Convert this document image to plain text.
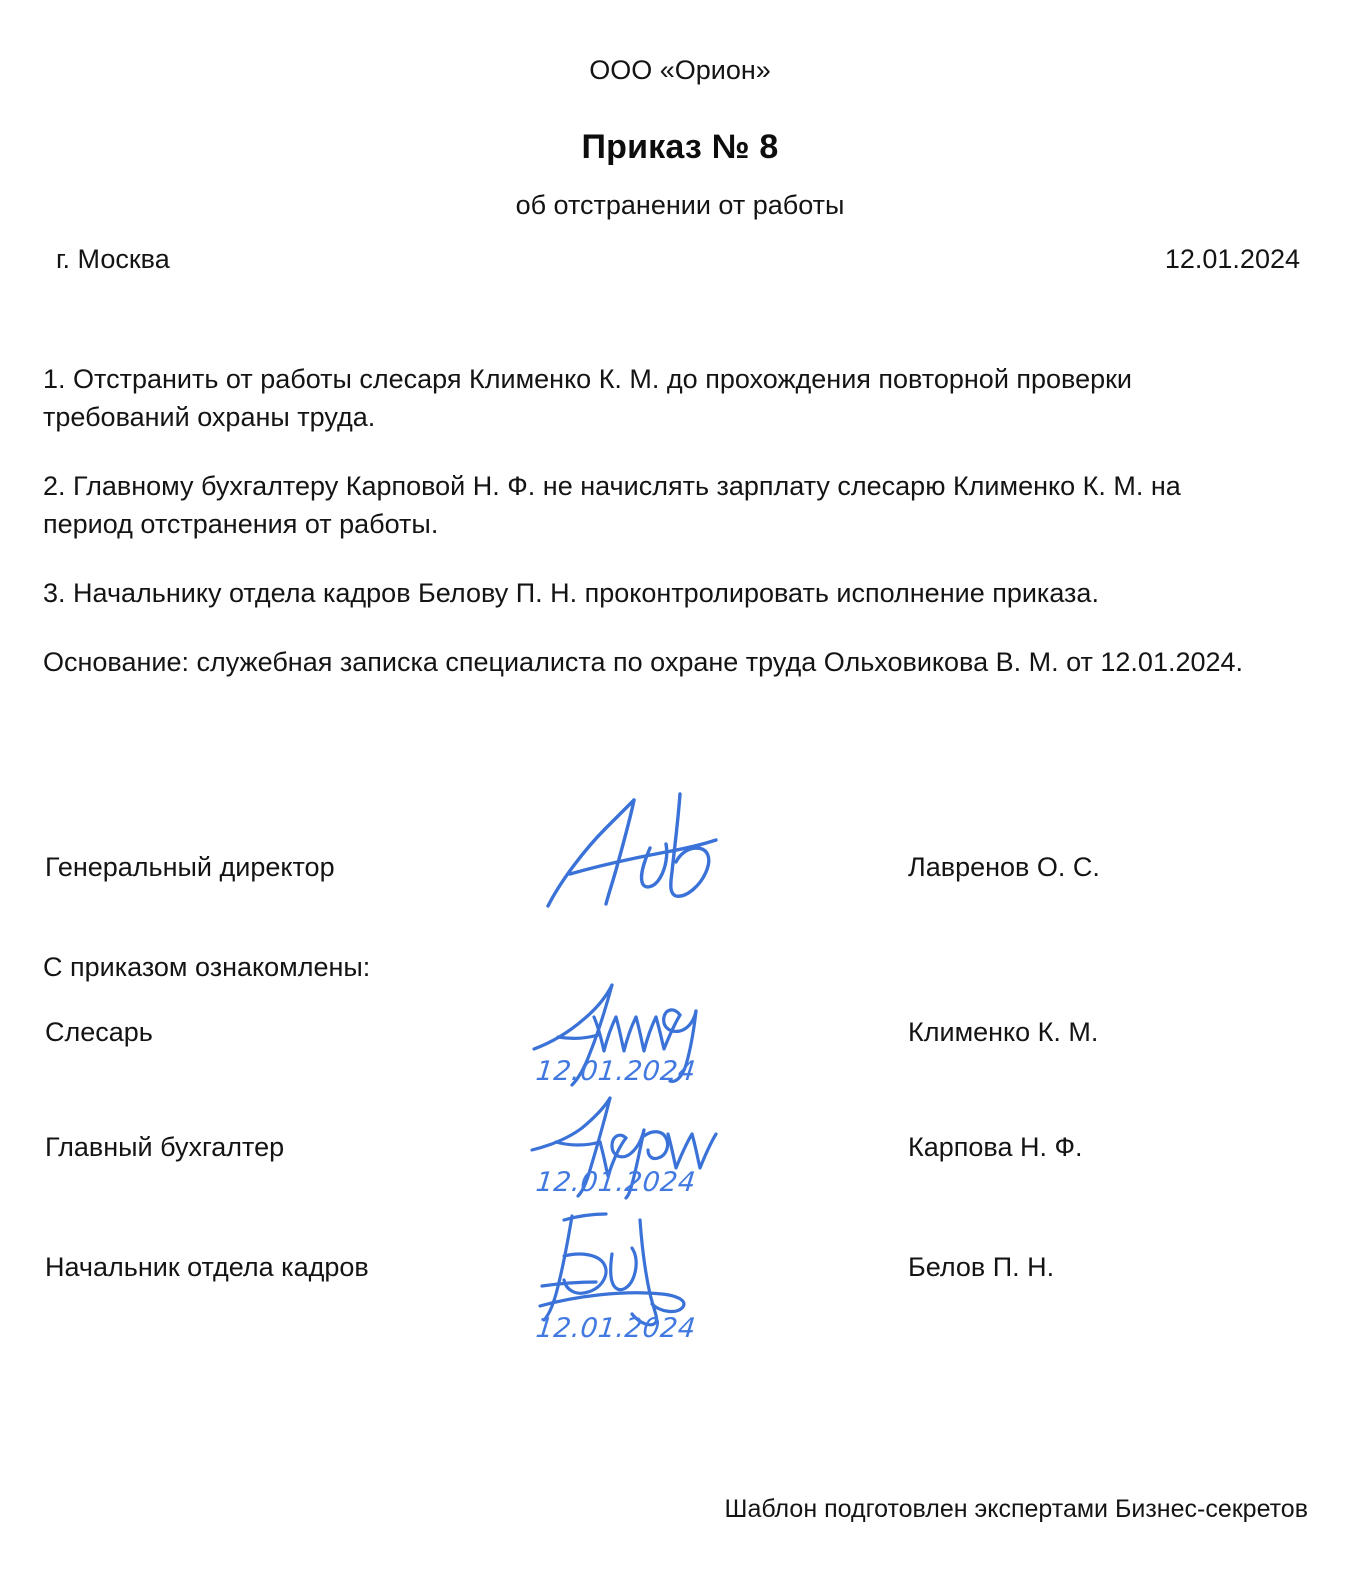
ООО «Орион»
Приказ № 8
об отстранении от работы
г. Москва	12.01.2024

1. Отстранить от работы слесаря Клименко К. М. до прохождения повторной проверки требований охраны труда.

2. Главному бухгалтеру Карповой Н. Ф. не начислять зарплату слесарю Клименко К. М. на период отстранения от работы.

3. Начальнику отдела кадров Белову П. Н. проконтролировать исполнение приказа.

Основание: служебная записка специалиста по охране труда Ольховикова В. М. от 12.01.2024.

Генеральный директор	Лавренов О. С.
С приказом ознакомлены:
Слесарь
12.01.2024
Клименко К. М.
Главный бухгалтер
12.01.2024
Карпова Н. Ф.
Начальник отдела кадров
12.01.2024
Белов П. Н.
Шаблон подготовлен экспертами Бизнес-секретов
